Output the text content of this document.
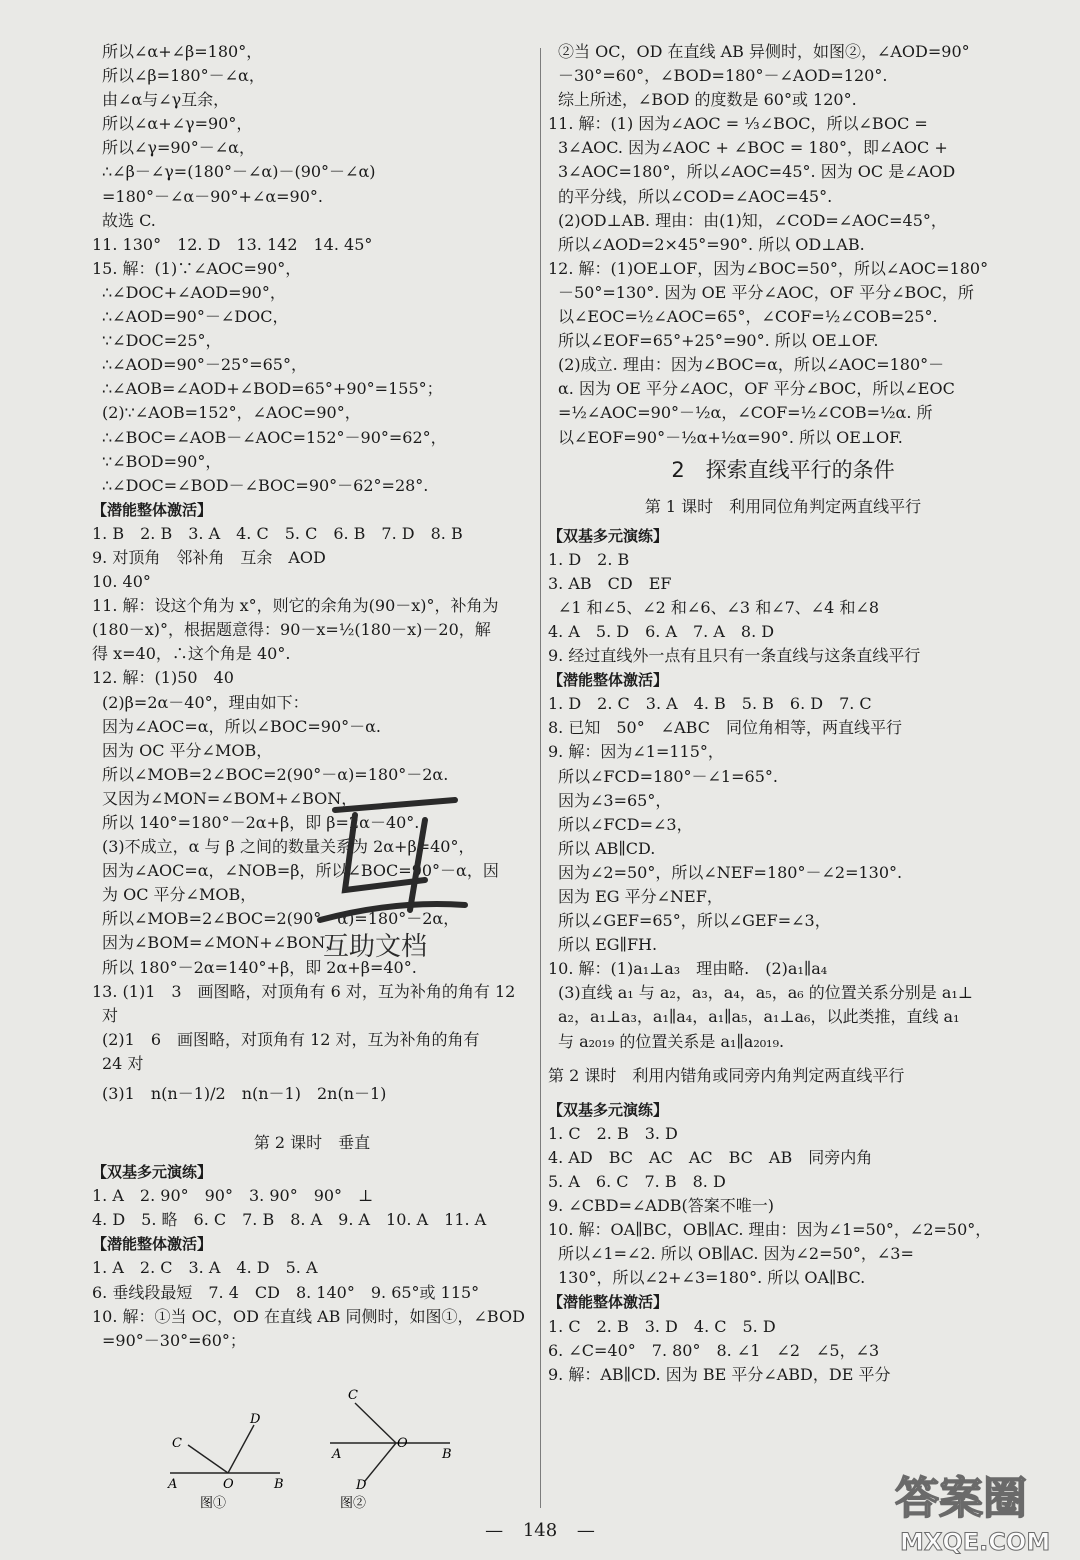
所以∠α+∠β=180°，
所以∠β=180°－∠α，
由∠α与∠γ互余，
所以∠α+∠γ=90°，
所以∠γ=90°－∠α，
∴∠β－∠γ=(180°－∠α)－(90°－∠α)
=180°－∠α－90°+∠α=90°.
故选 C.
11. 130°　12. D　13. 142　14. 45°
15. 解：(1)∵∠AOC=90°，
∴∠DOC+∠AOD=90°，
∴∠AOD=90°－∠DOC，
∵∠DOC=25°，
∴∠AOD=90°－25°=65°，
∴∠AOB=∠AOD+∠BOD=65°+90°=155°；
(2)∵∠AOB=152°，∠AOC=90°，
∴∠BOC=∠AOB－∠AOC=152°－90°=62°，
∵∠BOD=90°，
∴∠DOC=∠BOD－∠BOC=90°－62°=28°.
【潜能整体激活】
1. B　2. B　3. A　4. C　5. C　6. B　7. D　8. B
9. 对顶角　邻补角　互余　AOD
10. 40°
11. 解：设这个角为 x°，则它的余角为(90－x)°，补角为
(180－x)°，根据题意得：90－x=½(180－x)－20，解
得 x=40，∴这个角是 40°.
12. 解：(1)50　40
(2)β=2α－40°，理由如下：
因为∠AOC=α，所以∠BOC=90°－α.
因为 OC 平分∠MOB，
所以∠MOB=2∠BOC=2(90°－α)=180°－2α.
又因为∠MON=∠BOM+∠BON，
所以 140°=180°－2α+β，即 β=2α－40°.
(3)不成立，α 与 β 之间的数量关系为 2α+β=40°，
因为∠AOC=α，∠NOB=β，所以∠BOC=90°－α，因
为 OC 平分∠MOB，
所以∠MOB=2∠BOC=2(90°－α)=180°－2α，
因为∠BOM=∠MON+∠BON，
所以 180°－2α=140°+β，即 2α+β=40°.
13. (1)1　3　画图略，对顶角有 6 对，互为补角的角有 12
对
(2)1　6　画图略，对顶角有 12 对，互为补角的角有
24 对
(3)1　n(n－1)/2　n(n－1)　2n(n－1)
第 2 课时　垂直
【双基多元演练】
1. A　2. 90°　90°　3. 90°　90°　⊥
4. D　5. 略　6. C　7. B　8. A　9. A　10. A　11. A
【潜能整体激活】
1. A　2. C　3. A　4. D　5. A
6. 垂线段最短　7. 4　CD　8. 140°　9. 65°或 115°
10. 解：①当 OC，OD 在直线 AB 同侧时，如图①，∠BOD
=90°－30°=60°；
②当 OC，OD 在直线 AB 异侧时，如图②，∠AOD=90°
－30°=60°，∠BOD=180°－∠AOD=120°.
综上所述，∠BOD 的度数是 60°或 120°.
11. 解：(1) 因为∠AOC = ⅓∠BOC，所以∠BOC =
3∠AOC. 因为∠AOC + ∠BOC = 180°，即∠AOC +
3∠AOC=180°，所以∠AOC=45°. 因为 OC 是∠AOD
的平分线，所以∠COD=∠AOC=45°.
(2)OD⊥AB. 理由：由(1)知，∠COD=∠AOC=45°，
所以∠AOD=2×45°=90°. 所以 OD⊥AB.
12. 解：(1)OE⊥OF，因为∠BOC=50°，所以∠AOC=180°
－50°=130°. 因为 OE 平分∠AOC，OF 平分∠BOC，所
以∠EOC=½∠AOC=65°，∠COF=½∠COB=25°.
所以∠EOF=65°+25°=90°. 所以 OE⊥OF.
(2)成立. 理由：因为∠BOC=α，所以∠AOC=180°－
α. 因为 OE 平分∠AOC，OF 平分∠BOC，所以∠EOC
=½∠AOC=90°－½α，∠COF=½∠COB=½α. 所
以∠EOF=90°－½α+½α=90°. 所以 OE⊥OF.
2　探索直线平行的条件
第 1 课时　利用同位角判定两直线平行
【双基多元演练】
1. D　2. B
3. AB　CD　EF
∠1 和∠5、∠2 和∠6、∠3 和∠7、∠4 和∠8
4. A　5. D　6. A　7. A　8. D
9. 经过直线外一点有且只有一条直线与这条直线平行
【潜能整体激活】
1. D　2. C　3. A　4. B　5. B　6. D　7. C
8. 已知　50°　∠ABC　同位角相等，两直线平行
9. 解：因为∠1=115°，
所以∠FCD=180°－∠1=65°.
因为∠3=65°，
所以∠FCD=∠3，
所以 AB∥CD.
因为∠2=50°，所以∠NEF=180°－∠2=130°.
因为 EG 平分∠NEF，
所以∠GEF=65°，所以∠GEF=∠3，
所以 EG∥FH.
10. 解：(1)a₁⊥a₃　理由略.　(2)a₁∥a₄
(3)直线 a₁ 与 a₂，a₃，a₄，a₅，a₆ 的位置关系分别是 a₁⊥
a₂，a₁⊥a₃，a₁∥a₄，a₁∥a₅，a₁⊥a₆，以此类推，直线 a₁
与 a₂₀₁₉ 的位置关系是 a₁∥a₂₀₁₉.
第 2 课时　利用内错角或同旁内角判定两直线平行
【双基多元演练】
1. C　2. B　3. D
4. AD　BC　AC　AC　BC　AB　同旁内角
5. A　6. C　7. B　8. D
9. ∠CBD=∠ADB(答案不唯一)
10. 解：OA∥BC，OB∥AC. 理由：因为∠1=50°，∠2=50°，
所以∠1=∠2. 所以 OB∥AC. 因为∠2=50°，∠3=
130°，所以∠2+∠3=180°. 所以 OA∥BC.
【潜能整体激活】
1. C　2. B　3. D　4. C　5. D
6. ∠C=40°　7. 80°　8. ∠1　∠2　∠5，∠3
9. 解：AB∥CD. 因为 BE 平分∠ABD，DE 平分
A	O	B
C
D
图①
A
O
B
C
D
图②
互助文档
答案圈
MXQE.COM
— 148 —
